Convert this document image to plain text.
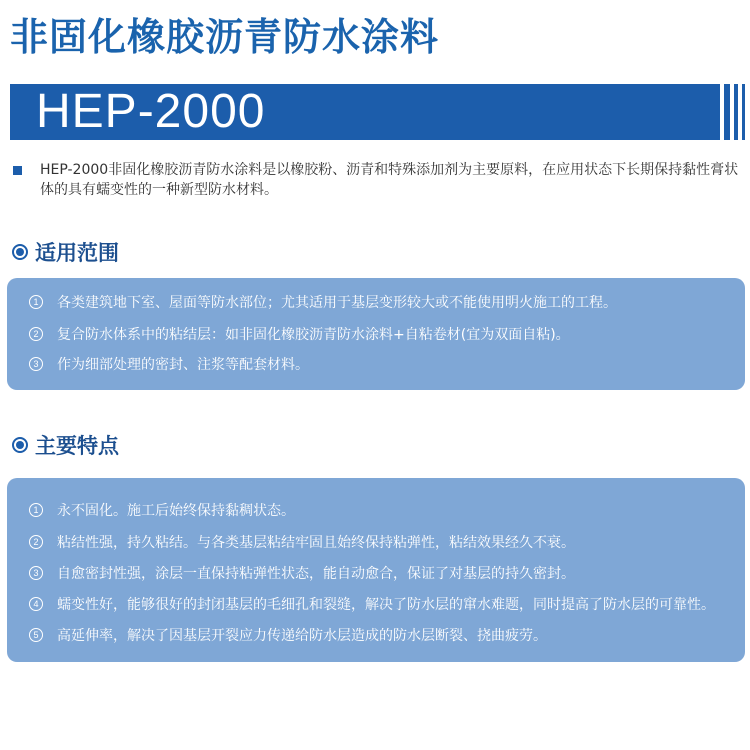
非固化橡胶沥青防水涂料
HEP-2000
HEP-2000非固化橡胶沥青防水涂料是以橡胶粉、沥青和特殊添加剂为主要原料，在应用状态下长期保持黏性膏状体的具有蠕变性的一种新型防水材料。
适用范围
1	各类建筑地下室、屋面等防水部位；尤其适用于基层变形较大或不能使用明火施工的工程。
2	复合防水体系中的粘结层：如非固化橡胶沥青防水涂料+自粘卷材(宜为双面自粘)。
3	作为细部处理的密封、注浆等配套材料。
主要特点
1	永不固化。施工后始终保持黏稠状态。
2	粘结性强，持久粘结。与各类基层粘结牢固且始终保持粘弹性，粘结效果经久不衰。
3	自愈密封性强，涂层一直保持粘弹性状态，能自动愈合，保证了对基层的持久密封。
4	蠕变性好，能够很好的封闭基层的毛细孔和裂缝，解决了防水层的窜水难题，同时提高了防水层的可靠性。
5	高延伸率，解决了因基层开裂应力传递给防水层造成的防水层断裂、挠曲疲劳。
